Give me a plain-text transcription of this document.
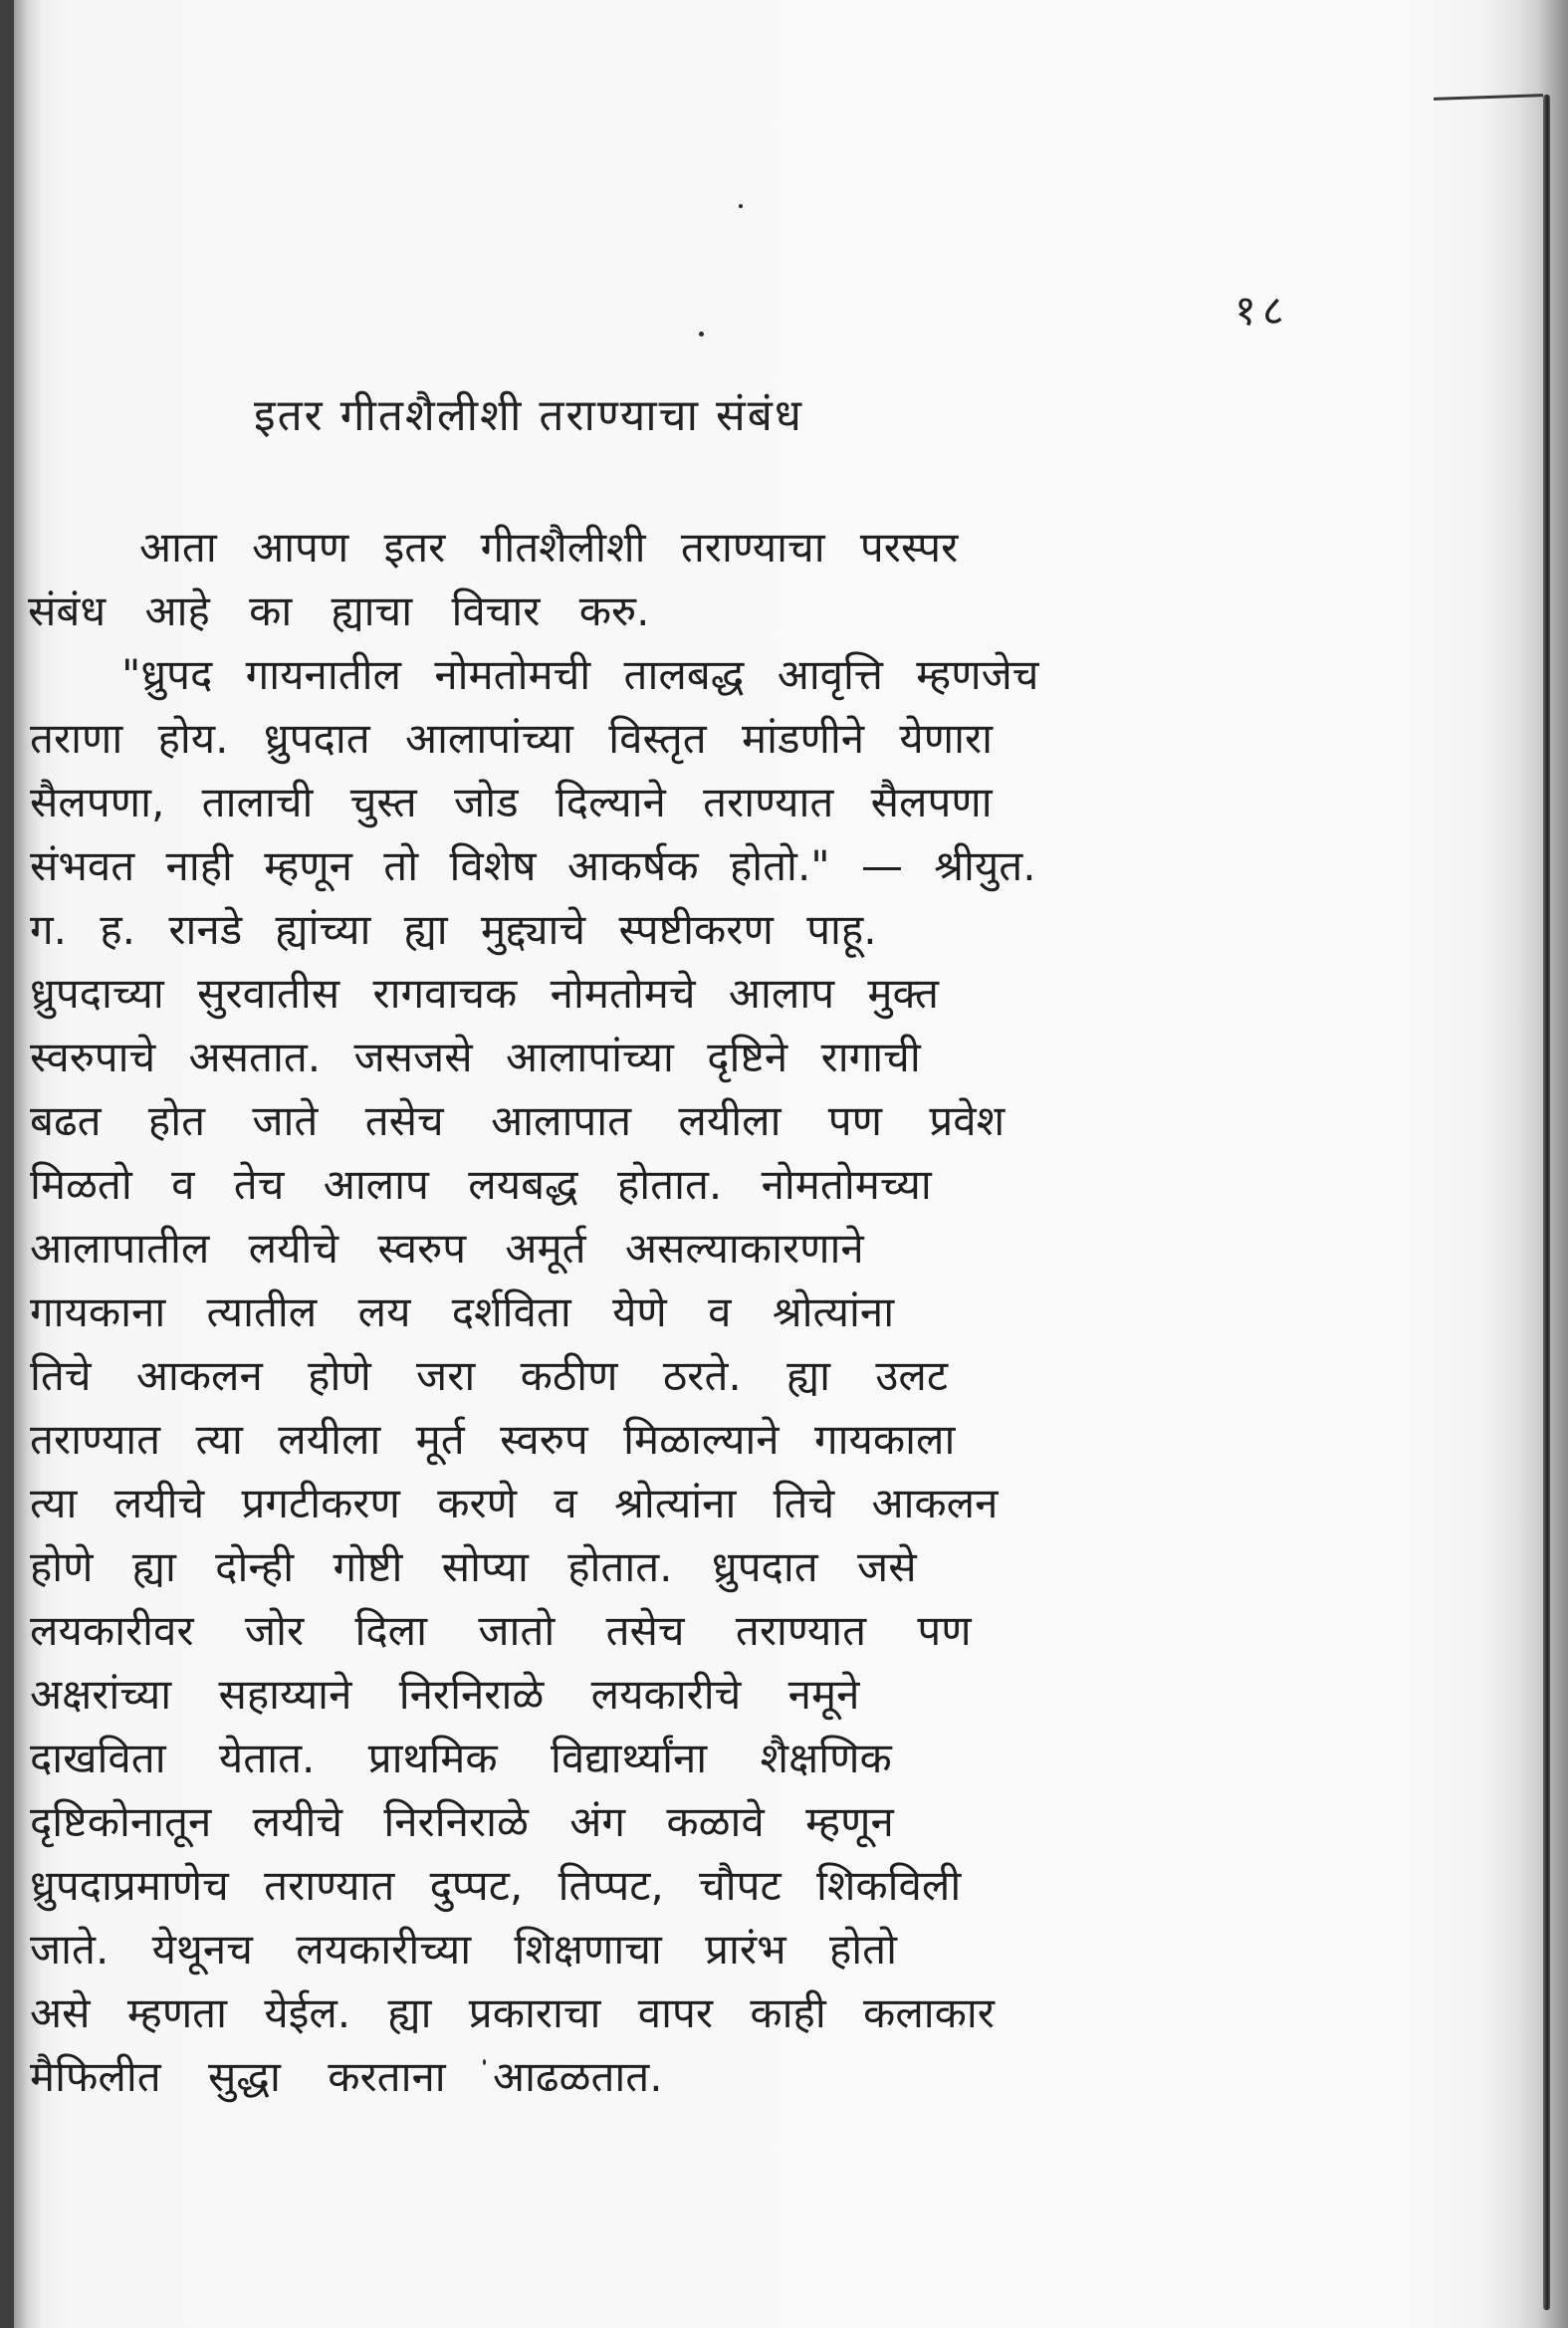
१८
इतर गीतशैलीशी तराण्याचा संबंध
आता आपण इतर गीतशैलीशी तराण्याचा परस्पर
संबंध आहे का ह्याचा विचार करु.
"ध्रुपद गायनातील नोमतोमची तालबद्ध आवृत्ति म्हणजेच
तराणा होय. ध्रुपदात आलापांच्या विस्तृत मांडणीने येणारा
सैलपणा, तालाची चुस्त जोड दिल्याने तराण्यात सैलपणा
संभवत नाही म्हणून तो विशेष आकर्षक होतो." — श्रीयुत.
ग. ह. रानडे ह्यांच्या ह्या मुद्द्याचे स्पष्टीकरण पाहू.
ध्रुपदाच्या सुरवातीस रागवाचक नोमतोमचे आलाप मुक्त
स्वरुपाचे असतात. जसजसे आलापांच्या दृष्टिने रागाची
बढत होत जाते तसेच आलापात लयीला पण प्रवेश
मिळतो व तेच आलाप लयबद्ध होतात. नोमतोमच्या
आलापातील लयीचे स्वरुप अमूर्त असल्याकारणाने
गायकाना त्यातील लय दर्शविता येणे व श्रोत्यांना
तिचे आकलन होणे जरा कठीण ठरते. ह्या उलट
तराण्यात त्या लयीला मूर्त स्वरुप मिळाल्याने गायकाला
त्या लयीचे प्रगटीकरण करणे व श्रोत्यांना तिचे आकलन
होणे ह्या दोन्ही गोष्टी सोप्या होतात. ध्रुपदात जसे
लयकारीवर जोर दिला जातो तसेच तराण्यात पण
अक्षरांच्या सहाय्याने निरनिराळे लयकारीचे नमूने
दाखविता येतात. प्राथमिक विद्यार्थ्यांना शैक्षणिक
दृष्टिकोनातून लयीचे निरनिराळे अंग कळावे म्हणून
ध्रुपदाप्रमाणेच तराण्यात दुप्पट, तिप्पट, चौपट शिकविली
जाते. येथूनच लयकारीच्या शिक्षणाचा प्रारंभ होतो
असे म्हणता येईल. ह्या प्रकाराचा वापर काही कलाकार
मैफिलीत सुद्धा करताना आढळतात.
